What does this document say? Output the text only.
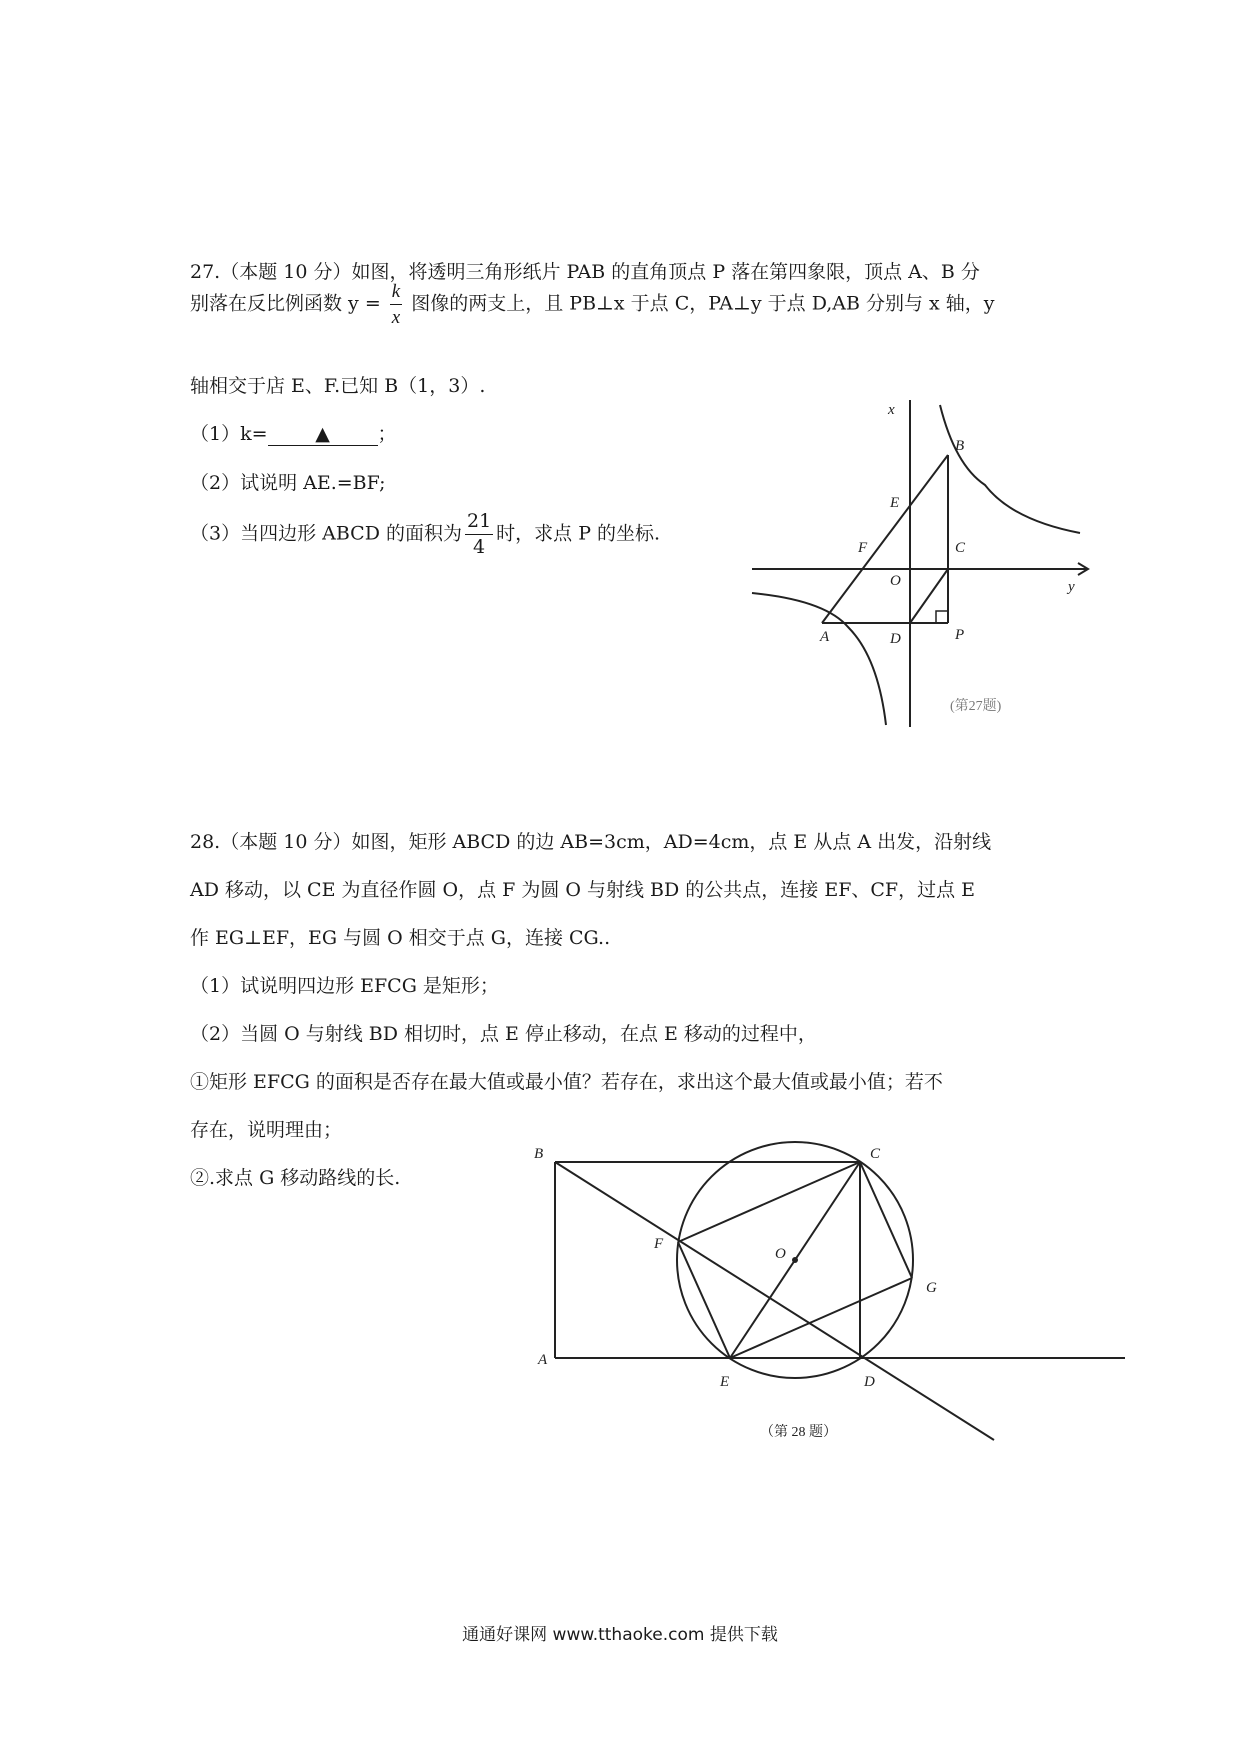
27.（本题 10 分）如图，将透明三角形纸片 PAB 的直角顶点 P 落在第四象限，顶点 A、B 分
别落在反比例函数 $y = \frac{k}{x}$ 图像的两支上，且 PB⊥x 于点 C，PA⊥y 于点 D,AB 分别与 x 轴，y
轴相交于店 E、F.已知 B（1，3）.
（1）k=	▲	；
（2）试说明 AE.=BF;
（3）当四边形 ABCD 的面积为 $\frac{21}{4}$ 时，求点 P 的坐标.
x
B
E
F	C
O	y
A	D	P
(第27题)
28.（本题 10 分）如图，矩形 ABCD 的边 AB=3cm，AD=4cm，点 E 从点 A 出发，沿射线
AD 移动，以 CE 为直径作圆 O，点 F 为圆 O 与射线 BD 的公共点，连接 EF、CF，过点 E
作 EG⊥EF，EG 与圆 O 相交于点 G，连接 CG..
（1）试说明四边形 EFCG 是矩形；
（2）当圆 O 与射线 BD 相切时，点 E 停止移动，在点 E 移动的过程中，
①矩形 EFCG 的面积是否存在最大值或最小值？若存在，求出这个最大值或最小值；若不
存在，说明理由；
②.求点 G 移动路线的长.
B	C
F
O
G
A
E	D
（第 28 题）
通通好课网 www.tthaoke.com 提供下载
